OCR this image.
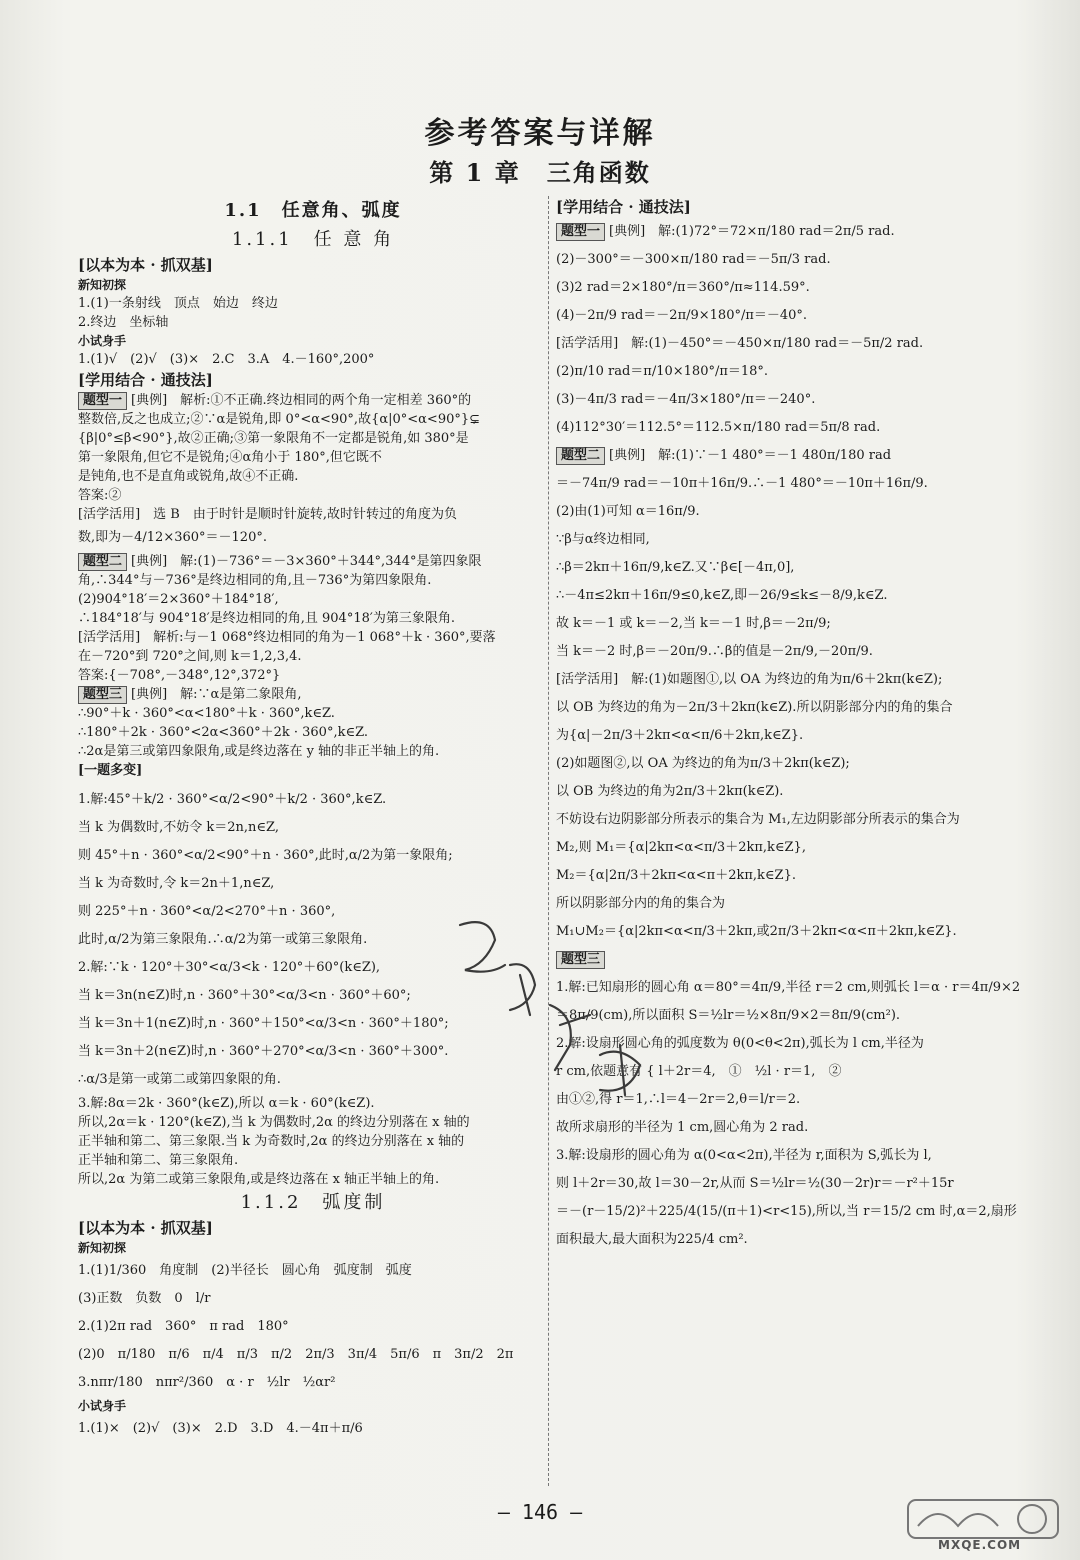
参考答案与详解
第 1 章　三角函数
1.1　任意角、弧度
1.1.1　任 意 角
[以本为本 · 抓双基]
新知初探
1.(1)一条射线　顶点　始边　终边
2.终边　坐标轴
小试身手
1.(1)√　(2)√　(3)×　2.C　3.A　4.－160°,200°
[学用结合 · 通技法]
题型一 [典例]　解析:①不正确.终边相同的两个角一定相差 360°的
整数倍,反之也成立;②∵α是锐角,即 0°<α<90°,故{α|0°<α<90°}⊊
{β|0°≤β<90°},故②正确;③第一象限角不一定都是锐角,如 380°是
第一象限角,但它不是锐角;④α角小于 180°,但它既不
是钝角,也不是直角或锐角,故④不正确.
答案:②
[活学活用]　选 B　由于时针是顺时针旋转,故时针转过的角度为负
数,即为－4/12×360°＝－120°.
题型二 [典例]　解:(1)－736°＝－3×360°＋344°,344°是第四象限
角,∴344°与－736°是终边相同的角,且－736°为第四象限角.
(2)904°18′＝2×360°＋184°18′,
∴184°18′与 904°18′是终边相同的角,且 904°18′为第三象限角.
[活学活用]　解析:与－1 068°终边相同的角为－1 068°＋k · 360°,要落
在－720°到 720°之间,则 k＝1,2,3,4.
答案:{－708°,－348°,12°,372°}
题型三 [典例]　解:∵α是第二象限角,
∴90°＋k · 360°<α<180°＋k · 360°,k∈Z.
∴180°＋2k · 360°<2α<360°＋2k · 360°,k∈Z.
∴2α是第三或第四象限角,或是终边落在 y 轴的非正半轴上的角.
[一题多变]
1.解:45°＋k/2 · 360°<α/2<90°＋k/2 · 360°,k∈Z.
当 k 为偶数时,不妨令 k＝2n,n∈Z,
则 45°＋n · 360°<α/2<90°＋n · 360°,此时,α/2为第一象限角;
当 k 为奇数时,令 k＝2n＋1,n∈Z,
则 225°＋n · 360°<α/2<270°＋n · 360°,
此时,α/2为第三象限角.∴α/2为第一或第三象限角.
2.解:∵k · 120°＋30°<α/3<k · 120°＋60°(k∈Z),
当 k＝3n(n∈Z)时,n · 360°＋30°<α/3<n · 360°＋60°;
当 k＝3n＋1(n∈Z)时,n · 360°＋150°<α/3<n · 360°＋180°;
当 k＝3n＋2(n∈Z)时,n · 360°＋270°<α/3<n · 360°＋300°.
∴α/3是第一或第二或第四象限的角.
3.解:8α＝2k · 360°(k∈Z),所以 α＝k · 60°(k∈Z).
所以,2α＝k · 120°(k∈Z),当 k 为偶数时,2α 的终边分别落在 x 轴的
正半轴和第二、第三象限.当 k 为奇数时,2α 的终边分别落在 x 轴的
正半轴和第二、第三象限角.
所以,2α 为第二或第三象限角,或是终边落在 x 轴正半轴上的角.
1.1.2　弧度制
[以本为本 · 抓双基]
新知初探
1.(1)1/360　角度制　(2)半径长　圆心角　弧度制　弧度
(3)正数　负数　0　l/r
2.(1)2π rad　360°　π rad　180°
(2)0　π/180　π/6　π/4　π/3　π/2　2π/3　3π/4　5π/6　π　3π/2　2π
3.nπr/180　nπr²/360　α · r　½lr　½αr²
小试身手
1.(1)×　(2)√　(3)×　2.D　3.D　4.－4π＋π/6
[学用结合 · 通技法]
题型一 [典例]　解:(1)72°＝72×π/180 rad＝2π/5 rad.
(2)－300°＝－300×π/180 rad＝－5π/3 rad.
(3)2 rad＝2×180°/π＝360°/π≈114.59°.
(4)－2π/9 rad＝－2π/9×180°/π＝－40°.
[活学活用]　解:(1)－450°＝－450×π/180 rad＝－5π/2 rad.
(2)π/10 rad＝π/10×180°/π＝18°.
(3)－4π/3 rad＝－4π/3×180°/π＝－240°.
(4)112°30′＝112.5°＝112.5×π/180 rad＝5π/8 rad.
题型二 [典例]　解:(1)∵－1 480°＝－1 480π/180 rad
＝－74π/9 rad＝－10π＋16π/9.∴－1 480°＝－10π＋16π/9.
(2)由(1)可知 α＝16π/9.
∵β与α终边相同,
∴β＝2kπ＋16π/9,k∈Z.又∵β∈[－4π,0],
∴－4π≤2kπ＋16π/9≤0,k∈Z,即－26/9≤k≤－8/9,k∈Z.
故 k＝－1 或 k＝－2,当 k＝－1 时,β＝－2π/9;
当 k＝－2 时,β＝－20π/9.∴β的值是－2π/9,－20π/9.
[活学活用]　解:(1)如题图①,以 OA 为终边的角为π/6＋2kπ(k∈Z);
以 OB 为终边的角为－2π/3＋2kπ(k∈Z).所以阴影部分内的角的集合
为{α|－2π/3＋2kπ<α<π/6＋2kπ,k∈Z}.
(2)如题图②,以 OA 为终边的角为π/3＋2kπ(k∈Z);
以 OB 为终边的角为2π/3＋2kπ(k∈Z).
不妨设右边阴影部分所表示的集合为 M₁,左边阴影部分所表示的集合为
M₂,则 M₁＝{α|2kπ<α<π/3＋2kπ,k∈Z},
M₂＝{α|2π/3＋2kπ<α<π＋2kπ,k∈Z}.
所以阴影部分内的角的集合为
M₁∪M₂＝{α|2kπ<α<π/3＋2kπ,或2π/3＋2kπ<α<π＋2kπ,k∈Z}.
题型三
1.解:已知扇形的圆心角 α＝80°＝4π/9,半径 r＝2 cm,则弧长 l＝α · r＝4π/9×2
＝8π/9(cm),所以面积 S＝½lr＝½×8π/9×2＝8π/9(cm²).
2.解:设扇形圆心角的弧度数为 θ(0<θ<2π),弧长为 l cm,半径为
r cm,依题意有 { l＋2r＝4,　①　½l · r＝1,　②
由①②,得 r＝1,∴l＝4－2r＝2,θ＝l/r＝2.
故所求扇形的半径为 1 cm,圆心角为 2 rad.
3.解:设扇形的圆心角为 α(0<α<2π),半径为 r,面积为 S,弧长为 l,
则 l＋2r＝30,故 l＝30－2r,从而 S＝½lr＝½(30－2r)r＝－r²＋15r
＝－(r－15/2)²＋225/4(15/(π＋1)<r<15),所以,当 r＝15/2 cm 时,α＝2,扇形
面积最大,最大面积为225/4 cm².
— 146 —
MXQE.COM
